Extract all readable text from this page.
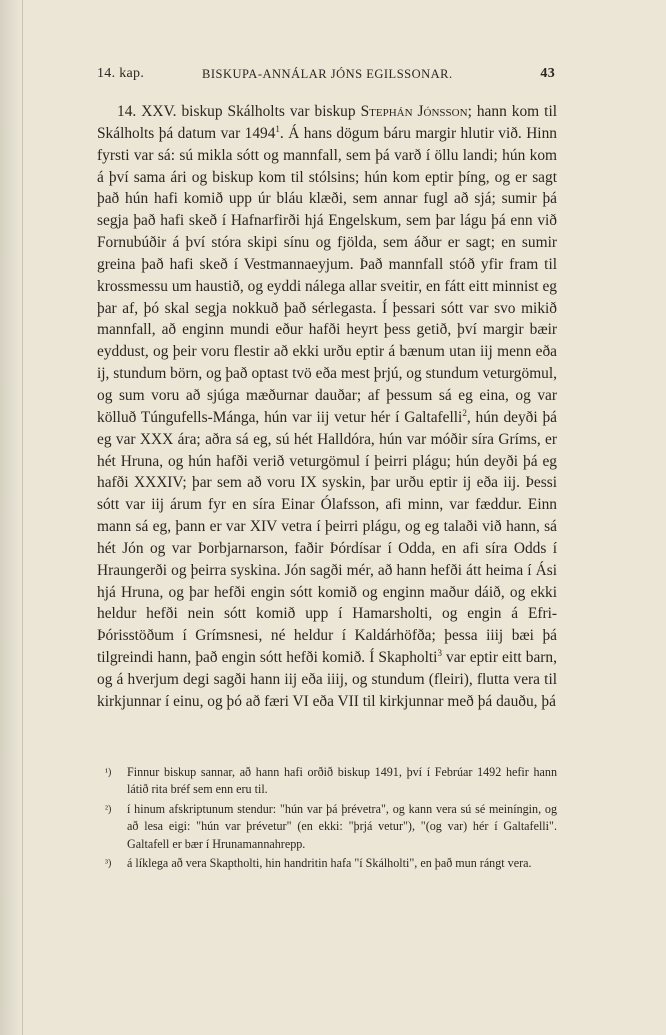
14. kap.	BISKUPA-ANNÁLAR JÓNS EGILSSONAR.	43

14. XXV. biskup Skálholts var biskup Stephán Jónsson; hann kom til Skálholts þá datum var 1494$^1$. Á hans dögum báru margir hlutir við. Hinn fyrsti var sá: sú mikla sótt og mannfall, sem þá varð í öllu landi; hún kom á því sama ári og biskup kom til stólsins; hún kom eptir þíng, og er sagt það hún hafi komið upp úr bláu klæði, sem annar fugl að sjá; sumir þá segja það hafi skeð í Hafnarfirði hjá Engelskum, sem þar lágu þá enn við Fornubúðir á því stóra skipi sínu og fjölda, sem áður er sagt; en sumir greina það hafi skeð í Vestmannaeyjum. Það mannfall stóð yfir fram til krossmessu um haustið, og eyddi nálega allar sveitir, en fátt eitt minnist eg þar af, þó skal segja nokkuð það sérlegasta. Í þessari sótt var svo mikið mannfall, að enginn mundi eður hafði heyrt þess getið, því margir bæir eyddust, og þeir voru flestir að ekki urðu eptir á bænum utan iij menn eða ij, stundum börn, og það optast tvö eða mest þrjú, og stundum veturgömul, og sum voru að sjúga mæðurnar dauðar; af þessum sá eg eina, og var kölluð Túngufells-Mánga, hún var iij vetur hér í Galtafelli$^2$, hún deyði þá eg var XXX ára; aðra sá eg, sú hét Halldóra, hún var móðir síra Gríms, er hét Hruna, og hún hafði verið veturgömul í þeirri plágu; hún deyði þá eg hafði XXXIV; þar sem að voru IX syskin, þar urðu eptir ij eða iij. Þessi sótt var iij árum fyr en síra Einar Ólafsson, afi minn, var fæddur. Einn mann sá eg, þann er var XIV vetra í þeirri plágu, og eg talaði við hann, sá hét Jón og var Þorbjarnarson, faðir Þórdísar í Odda, en afi síra Odds í Hraungerði og þeirra syskina. Jón sagði mér, að hann hefði átt heima í Ási hjá Hruna, og þar hefði engin sótt komið og enginn maður dáið, og ekki heldur hefði nein sótt komið upp í Hamarsholti, og engin á Efri-Þórisstöðum í Grímsnesi, né heldur í Kaldárhöfða; þessa iiij bæi þá tilgreindi hann, það engin sótt hefði komið. Í Skapholti$^3$ var eptir eitt barn, og á hverjum degi sagði hann iij eða iiij, og stundum (fleiri), flutta vera til kirkjunnar í einu, og þó að færi VI eða VII til kirkjunnar með þá dauðu, þá

¹) Finnur biskup sannar, að hann hafi orðið biskup 1491, því í Febrúar 1492 hefir hann látið rita bréf sem enn eru til.
²) í hinum afskriptunum stendur: "hún var þá þrévetra", og kann vera sú sé meiníngin, og að lesa eigi: "hún var þrévetur" (en ekki: "þrjá vetur"), "(og var) hér í Galtafelli". Galtafell er bær í Hrunamannahrepp.
³) á líklega að vera Skaptholti, hin handritin hafa "í Skálholti", en það mun rángt vera.
